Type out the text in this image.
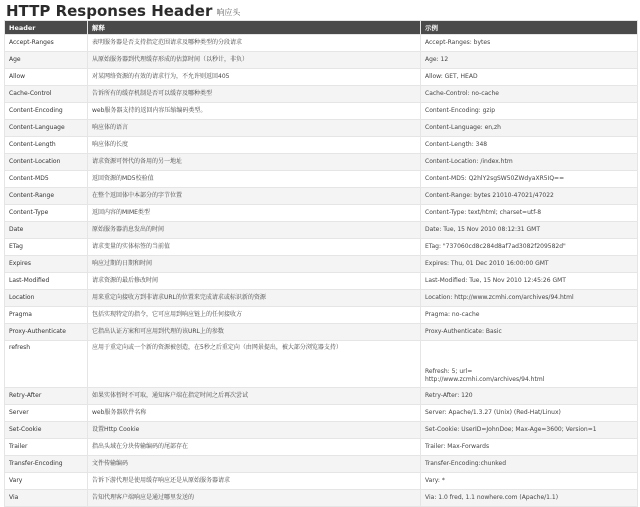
HTTP Responses Header 响应头
Header	解释	示例
Accept-Ranges	表明服务器是否支持指定范围请求及哪种类型的分段请求	Accept-Ranges: bytes
Age	从原始服务器到代理缓存形成的估算时间（以秒计，非负）	Age: 12
Allow	对某网络资源的有效的请求行为，不允许则返回405	Allow: GET, HEAD
Cache-Control	告诉所有的缓存机制是否可以缓存及哪种类型	Cache-Control: no-cache
Content-Encoding	web服务器支持的返回内容压缩编码类型。	Content-Encoding: gzip
Content-Language	响应体的语言	Content-Language: en,zh
Content-Length	响应体的长度	Content-Length: 348
Content-Location	请求资源可替代的备用的另一地址	Content-Location: /index.htm
Content-MD5	返回资源的MD5校验值	Content-MD5: Q2hlY2sgSW50ZWdyaXR5IQ==
Content-Range	在整个返回体中本部分的字节位置	Content-Range: bytes 21010-47021/47022
Content-Type	返回内容的MIME类型	Content-Type: text/html; charset=utf-8
Date	原始服务器消息发出的时间	Date: Tue, 15 Nov 2010 08:12:31 GMT
ETag	请求变量的实体标签的当前值	ETag: "737060cd8c284d8af7ad3082f209582d"
Expires	响应过期的日期和时间	Expires: Thu, 01 Dec 2010 16:00:00 GMT
Last-Modified	请求资源的最后修改时间	Last-Modified: Tue, 15 Nov 2010 12:45:26 GMT
Location	用来重定向接收方到非请求URL的位置来完成请求或标识新的资源	Location: http://www.zcmhi.com/archives/94.html
Pragma	包括实现特定的指令，它可应用到响应链上的任何接收方	Pragma: no-cache
Proxy-Authenticate	它指出认证方案和可应用到代理的该URL上的参数	Proxy-Authenticate: Basic
refresh	应用于重定向或一个新的资源被创造，在5秒之后重定向（由网景提出，被大部分浏览器支持）	Refresh: 5; url=
http://www.zcmhi.com/archives/94.html

Retry-After	如果实体暂时不可取，通知客户端在指定时间之后再次尝试	Retry-After: 120
Server	web服务器软件名称	Server: Apache/1.3.27 (Unix) (Red-Hat/Linux)
Set-Cookie	设置Http Cookie	Set-Cookie: UserID=JohnDoe; Max-Age=3600; Version=1
Trailer	指出头域在分块传输编码的尾部存在	Trailer: Max-Forwards
Transfer-Encoding	文件传输编码	Transfer-Encoding:chunked
Vary	告诉下游代理是使用缓存响应还是从原始服务器请求	Vary: *
Via	告知代理客户端响应是通过哪里发送的	Via: 1.0 fred, 1.1 nowhere.com (Apache/1.1)
